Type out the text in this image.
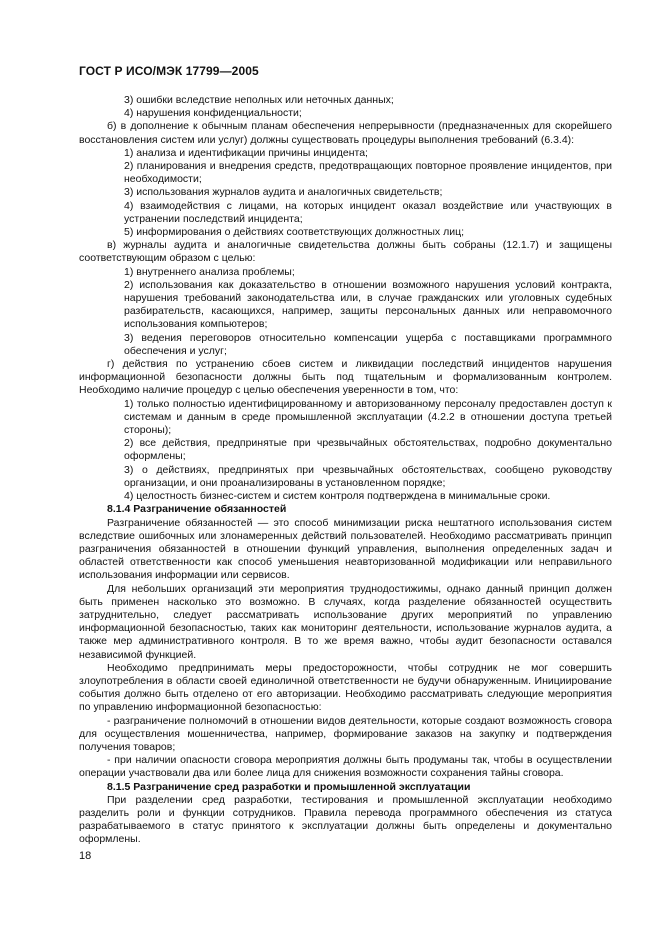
ГОСТ Р ИСО/МЭК 17799—2005

3) ошибки вследствие неполных или неточных данных;

4) нарушения конфиденциальности;

б) в дополнение к обычным планам обеспечения непрерывности (предназначенных для скорейшего восстановления систем или услуг) должны существовать процедуры выполнения требований (6.3.4):

1) анализа и идентификации причины инцидента;

2) планирования и внедрения средств, предотвращающих повторное проявление инцидентов, при необходимости;

3) использования журналов аудита и аналогичных свидетельств;

4) взаимодействия с лицами, на которых инцидент оказал воздействие или участвующих в устранении последствий инцидента;

5) информирования о действиях соответствующих должностных лиц;

в) журналы аудита и аналогичные свидетельства должны быть собраны (12.1.7) и защищены соответствующим образом с целью:

1) внутреннего анализа проблемы;

2) использования как доказательство в отношении возможного нарушения условий контракта, нарушения требований законодательства или, в случае гражданских или уголовных судебных разбирательств, касающихся, например, защиты персональных данных или неправомочного использования компьютеров;

3) ведения переговоров относительно компенсации ущерба с поставщиками программного обеспечения и услуг;

г) действия по устранению сбоев систем и ликвидации последствий инцидентов нарушения информационной безопасности должны быть под тщательным и формализованным контролем. Необходимо наличие процедур с целью обеспечения уверенности в том, что:

1) только полностью идентифицированному и авторизованному персоналу предоставлен доступ к системам и данным в среде промышленной эксплуатации (4.2.2 в отношении доступа третьей стороны);

2) все действия, предпринятые при чрезвычайных обстоятельствах, подробно документально оформлены;

3) о действиях, предпринятых при чрезвычайных обстоятельствах, сообщено руководству организации, и они проанализированы в установленном порядке;

4) целостность бизнес-систем и систем контроля подтверждена в минимальные сроки.

8.1.4 Разграничение обязанностей

Разграничение обязанностей — это способ минимизации риска нештатного использования систем вследствие ошибочных или злонамеренных действий пользователей. Необходимо рассматривать принцип разграничения обязанностей в отношении функций управления, выполнения определенных задач и областей ответственности как способ уменьшения неавторизованной модификации или неправильного использования информации или сервисов.

Для небольших организаций эти мероприятия труднодостижимы, однако данный принцип должен быть применен насколько это возможно. В случаях, когда разделение обязанностей осуществить затруднительно, следует рассматривать использование других мероприятий по управлению информационной безопасностью, таких как мониторинг деятельности, использование журналов аудита, а также мер административного контроля. В то же время важно, чтобы аудит безопасности оставался независимой функцией.

Необходимо предпринимать меры предосторожности, чтобы сотрудник не мог совершить злоупотребления в области своей единоличной ответственности не будучи обнаруженным. Инициирование события должно быть отделено от его авторизации. Необходимо рассматривать следующие мероприятия по управлению информационной безопасностью:

- разграничение полномочий в отношении видов деятельности, которые создают возможность сговора для осуществления мошенничества, например, формирование заказов на закупку и подтверждения получения товаров;

- при наличии опасности сговора мероприятия должны быть продуманы так, чтобы в осуществлении операции участвовали два или более лица для снижения возможности сохранения тайны сговора.

8.1.5 Разграничение сред разработки и промышленной эксплуатации

При разделении сред разработки, тестирования и промышленной эксплуатации необходимо разделить роли и функции сотрудников. Правила перевода программного обеспечения из статуса разрабатываемого в статус принятого к эксплуатации должны быть определены и документально оформлены.

18
